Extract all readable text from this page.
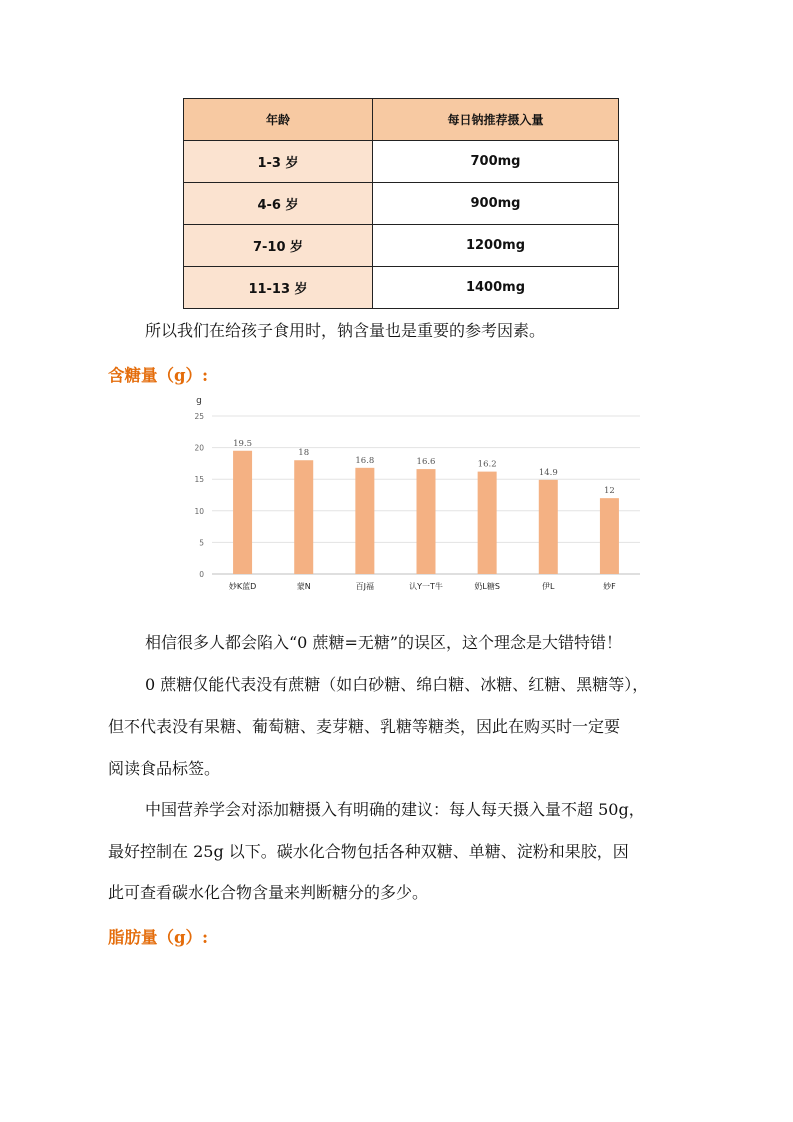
年龄	每日钠推荐摄入量
1-3 岁	700mg
4-6 岁	900mg
7-10 岁	1200mg
11-13 岁	1400mg

所以我们在给孩子食用时，钠含量也是重要的参考因素。

含糖量（g）:

g
0
5
10
15
20
25
19.5
妙K蓝D
18
蒙N
16.8
百J福
16.6
认Y一T牛
16.2
奶L糖S
14.9
伊L
12
妙F

相信很多人都会陷入“0 蔗糖=无糖”的误区，这个理念是大错特错！

0 蔗糖仅能代表没有蔗糖（如白砂糖、绵白糖、冰糖、红糖、黑糖等），

但不代表没有果糖、葡萄糖、麦芽糖、乳糖等糖类，因此在购买时一定要

阅读食品标签。

中国营养学会对添加糖摄入有明确的建议：每人每天摄入量不超 50g，

最好控制在 25g 以下。碳水化合物包括各种双糖、单糖、淀粉和果胶，因

此可查看碳水化合物含量来判断糖分的多少。

脂肪量（g）:
